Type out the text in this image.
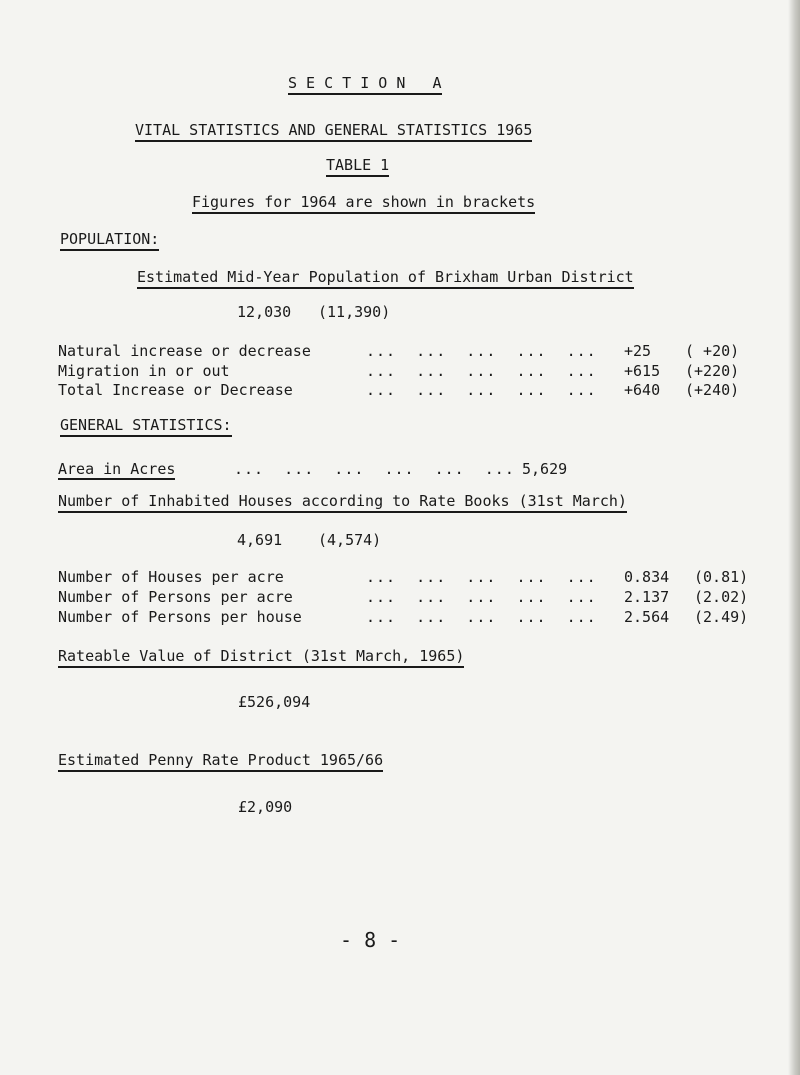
S E C T I O N   A
VITAL STATISTICS AND GENERAL STATISTICS 1965
TABLE 1
Figures for 1964 are shown in brackets
POPULATION:
Estimated Mid-Year Population of Brixham Urban District
12,030 (11,390)
Natural increase or decrease	...  ...  ...  ...  ... +25 ( +20)
Migration in or out	...  ...  ...  ...  ... +615 (+220)
Total Increase or Decrease	...  ...  ...  ...  ... +640 (+240)
GENERAL STATISTICS:
Area in Acres	...  ...  ...  ...  ...  ... 5,629
Number of Inhabited Houses according to Rate Books (31st March)
4,691 (4,574)
Number of Houses per acre	...  ...  ...  ...  ... 0.834 (0.81)
Number of Persons per acre	...  ...  ...  ...  ... 2.137 (2.02)
Number of Persons per house	...  ...  ...  ...  ... 2.564 (2.49)
Rateable Value of District (31st March, 1965)
£526,094
Estimated Penny Rate Product 1965/66
£2,090
- 8 -
